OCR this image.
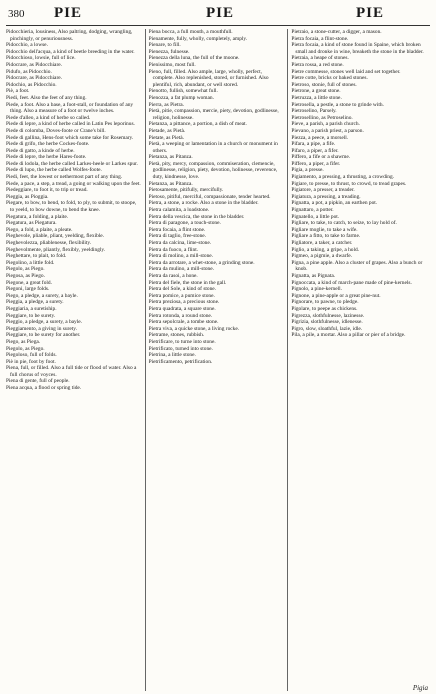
380 PIE	PIE	PIE

Pidocchieria, lousiness, Also paltring, dodging, wrangling, pinchingly, or penuriousness.

Pidocchio, a lowse.

Pidocchio dell'acqua, a kind of beetle breeding in the water.

Pidocchioso, lowsie, full of lice.

Pidocrare, as Pidocchiare.

Pidufo, as Pidocchio.

Pidocrare, as Pidocchiare.

Pidochio, as Pidocchio.

Piè, a foot.

Piedi, feet. Also the feet of any thing.

Piede, a foot. Also a base, a foot-stall, or foundation of any thing. Also a measure of a foot or twelve inches.

Piede d'alleo, a kind of herbe so called.

Piede di lepre, a kind of herbe called in Latin Pes leporinus.

Piede di colomba, Doves-foote or Crane's bill.

Piede di gallina, Hens-foot which some take for Rosemary.

Piede di grifo, the herbe Cockes-foote.

Piede di gatto, a kinde of herbe.

Piede di lepre, the herbe Hares-foote.

Piede di lodola, the herbe called Larkes-heele or Larkes spur.

Piede di lupo, the herbe called Wolfes-foote.

Piedi, feet, the lowest or nethermost part of any thing.

Piede, a pace, a step, a tread, a going or walking upon the feet.

Piedeggiare, to foot it, to trip or tread.

Pieggia, as Pioggia.

Piegare, to bow, to bend, to fold, to ply, to submit, to stoope, to yeeld, to bow downe, to bend the knee.

Piegatura, a folding, a plaite.

Piegatura, as Piegatura.

Piego, a fold, a plaite, a pleate.

Pieghevole, pliable, pliant, yeelding, flexible.

Pieghevolezza, pliablenesse, flexibility.

Pieghevolmente, pliantly, flexibly, yeeldingly.

Pieghettare, to plait, to fold.

Piegolino, a little fold.

Piegolo, as Piego.

Piegosa, as Piego.

Piegone, a great fold.

Piegoni, large folds.

Piego, a pledge, a surety, a bayle.

Pieggia, a pledge, a surety.

Pieggiaria, a suretiship.

Pieggiare, to be surety.

Pieggio, a pledge, a surety, a bayle.

Pieggiamento, a giving in surety.

Pieggiare, to be surety for another.

Piego, as Piega.

Piegolo, as Piego.

Piegoloso, full of folds.

Piè in pie, foot by foot.

Piena, full, or filled. Also a full tide or flood of water. Also a full chorus of voyces.

Piena di gente, full of people.

Piena acqua, a flood or spring tide.

Piena bocca, a full mouth, a mouthfull.

Pienamente, fully, wholly, completely, amply.

Pienare, to fill.

Pienezza, fulnesse.

Pienezza della luna, the full of the moone.

Pienissimo, most full.

Pieno, full, filled. Also ample, large, wholly, perfect, complete. Also replenished, stored, or furnished. Also plentiful, rich, abundant, or well stored.

Pienotto, fullish, somewhat full.

Pienozza, a fat plump woman.

Pierra, as Pietra.

Pietà, pitie, compassion, mercie, piety, devotion, godlinesse, religion, holinesse.

Pietanza, a pittance, a portion, a dish of meat.

Pietade, as Pietà.

Pietate, as Pietà.

Pietà, a weeping or lamentation in a church or monument in others.

Pietanza, as Pitanza.

Pietà, pity, mercy, compassion, commiseration, clemencie, godlinesse, religion, piety, devotion, holinesse, reverence, duty, kindnesse, love.

Pietanza, as Pitanza.

Pietosamente, pitifully, mercifully.

Pietoso, pitiful, merciful, compassionate, tender hearted.

Pietra, a stone, a rocke. Also a stone in the bladder.

Pietra calamita, a loadstone.

Pietra della vescica, the stone in the bladder.

Pietra di paragone, a touch-stone.

Pietra focaia, a flint stone.

Pietra di taglio, free-stone.

Pietra da calcina, lime-stone.

Pietra da fuoco, a flint.

Pietra di molino, a mill-stone.

Pietra da arrotare, a whet-stone, a grinding stone.

Pietra da mulino, a mill-stone.

Pietra da rasoi, a hone.

Pietra del fiele, the stone in the gall.

Pietra del Sole, a kind of stone.

Pietra pomice, a pumice stone.

Pietra preziosa, a precious stone.

Pietra quadrata, a square stone.

Pietra rotonda, a round stone.

Pietra sepolcrale, a tombe stone.

Pietra viva, a quicke stone, a living rocke.

Pietrame, stones, rubbish.

Pietrificare, to turne into stone.

Pietrificato, turned into stone.

Pietrina, a little stone.

Pietrificamento, petrification.

Pietraio, a stone-cutter, a digger, a mason.

Pietra focaia, a flint-stone.

Pietra focaia, a kind of stone found in Spaine, which broken small and dronke in wine, breaketh the stone in the bladder.

Pietraia, a heape of stones.

Pietra rossa, a red stone.

Pietre commesse, stones well laid and set together.

Pietre cotte, bricks or baked stones.

Pietroso, stonie, full of stones.

Pietrone, a great stone.

Pietruzza, a little stone.

Pietrosella, a pestle, a stone to grinde with.

Pietroselino, Parsely.

Pietrosellino, as Petroselino.

Pieve, a parish, a parish church.

Pievano, a parish priest, a parson.

Piezza, a peece, a morsell.

Pifara, a pipe, a fife.

Pifaro, a piper, a fifer.

Piffero, a fife or a shawme.

Piffero, a piper, a fifer.

Pigia, a presse.

Pigiamento, a pressing, a thrusting, a crowding.

Pigiare, to presse, to thrust, to crowd, to tread grapes.

Pigiatore, a presser, a treader.

Pigiatura, a pressing, a treading.

Pignatta, a pot, a pipkin, an earthen pot.

Pignattaro, a potter.

Pignatello, a little pot.

Pigliare, to take, to catch, to seize, to lay hold of.

Pigliare moglie, to take a wife.

Pigliare a fitto, to take to farme.

Pigliatore, a taker, a catcher.

Piglio, a taking, a gripe, a hold.

Pigmeo, a pigmie, a dwarfe.

Pigna, a pine apple. Also a cluster of grapes. Also a bunch or knob.

Pignatta, as Pignata.

Pignoccata, a kind of march-pane made of pine-kernels.

Pignolo, a pine-kernell.

Pignone, a pine-apple or a great pine-nut.

Pignorare, to pawne, to pledge.

Pigolare, to peepe as chickens.

Pigrezza, slothfulnesse, lazinesse.

Pigrizia, slothfulnesse, idlenesse.

Pigro, slow, sloathful, lazie, idle.

Pila, a pile, a mortar. Also a pillar or pier of a bridge.

Pigia
